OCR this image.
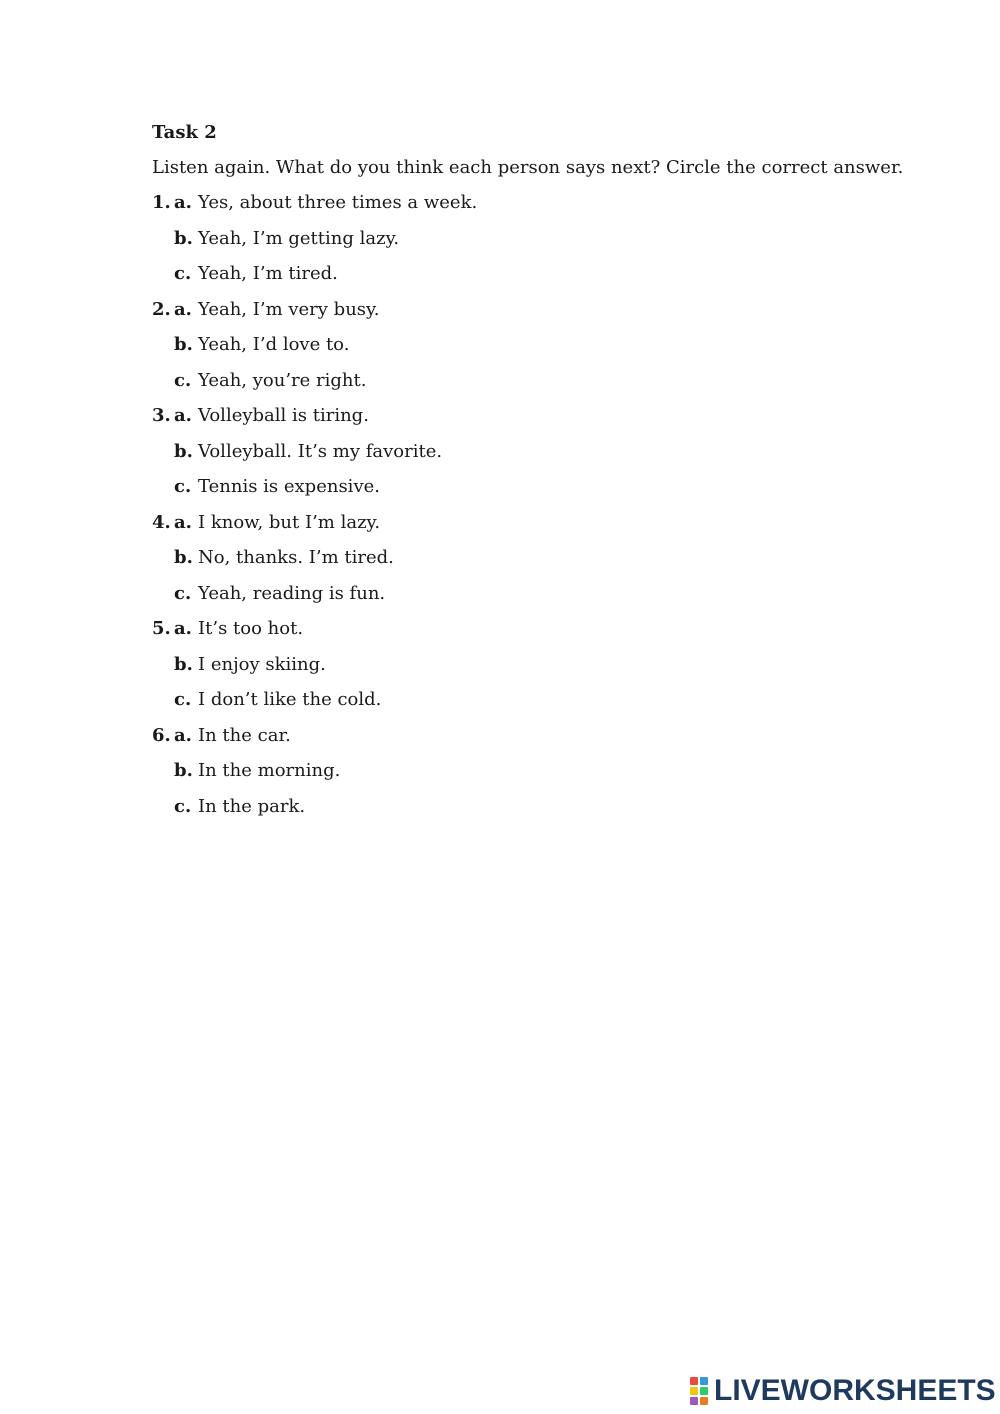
Task 2
Listen again. What do you think each person says next? Circle the correct answer.
1. a. Yes, about three times a week.
b. Yeah, I’m getting lazy.
c. Yeah, I’m tired.
2. a. Yeah, I’m very busy.
b. Yeah, I’d love to.
c. Yeah, you’re right.
3. a. Volleyball is tiring.
b. Volleyball. It’s my favorite.
c. Tennis is expensive.
4. a. I know, but I’m lazy.
b. No, thanks. I’m tired.
c. Yeah, reading is fun.
5. a. It’s too hot.
b. I enjoy skiing.
c. I don’t like the cold.
6. a. In the car.
b. In the morning.
c. In the park.
LIVEWORKSHEETS
